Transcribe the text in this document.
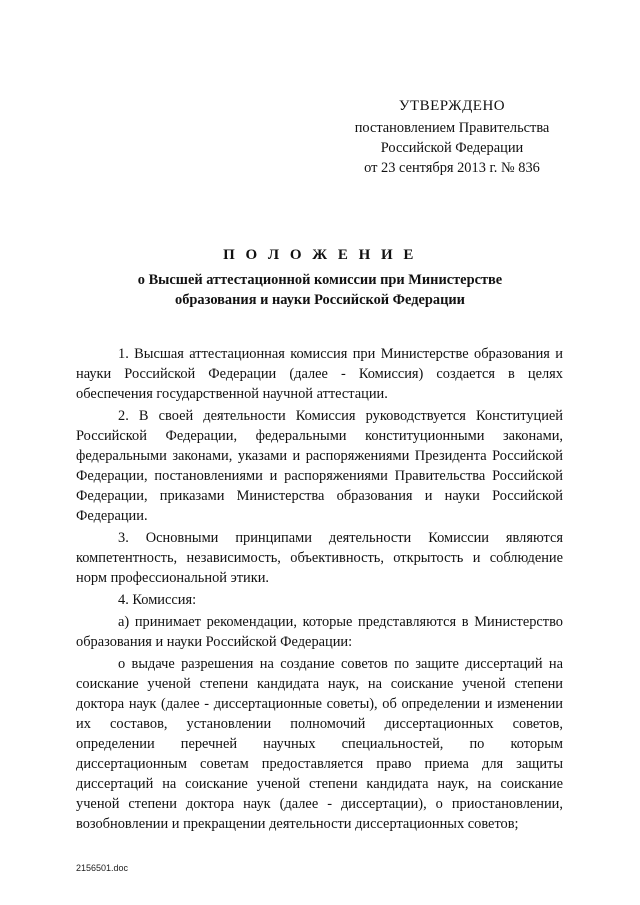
УТВЕРЖДЕНО
постановлением Правительства
Российской Федерации
от 23 сентября 2013 г. № 836
П О Л О Ж Е Н И Е
о Высшей аттестационной комиссии при Министерстве
образования и науки Российской Федерации

1. Высшая аттестационная комиссия при Министерстве образования и науки Российской Федерации (далее - Комиссия) создается в целях обеспечения государственной научной аттестации.

2. В своей деятельности Комиссия руководствуется Конституцией Российской Федерации, федеральными конституционными законами, федеральными законами, указами и распоряжениями Президента Российской Федерации, постановлениями и распоряжениями Правительства Российской Федерации, приказами Министерства образования и науки Российской Федерации.

3. Основными принципами деятельности Комиссии являются компетентность, независимость, объективность, открытость и соблюдение норм профессиональной этики.

4. Комиссия:

а) принимает рекомендации, которые представляются в Министерство образования и науки Российской Федерации:

о выдаче разрешения на создание советов по защите диссертаций на соискание ученой степени кандидата наук, на соискание ученой степени доктора наук (далее - диссертационные советы), об определении и изменении их составов, установлении полномочий диссертационных советов, определении перечней научных специальностей, по которым диссертационным советам предоставляется право приема для защиты диссертаций на соискание ученой степени кандидата наук, на соискание ученой степени доктора наук (далее - диссертации), о приостановлении, возобновлении и прекращении деятельности диссертационных советов;

2156501.doc
